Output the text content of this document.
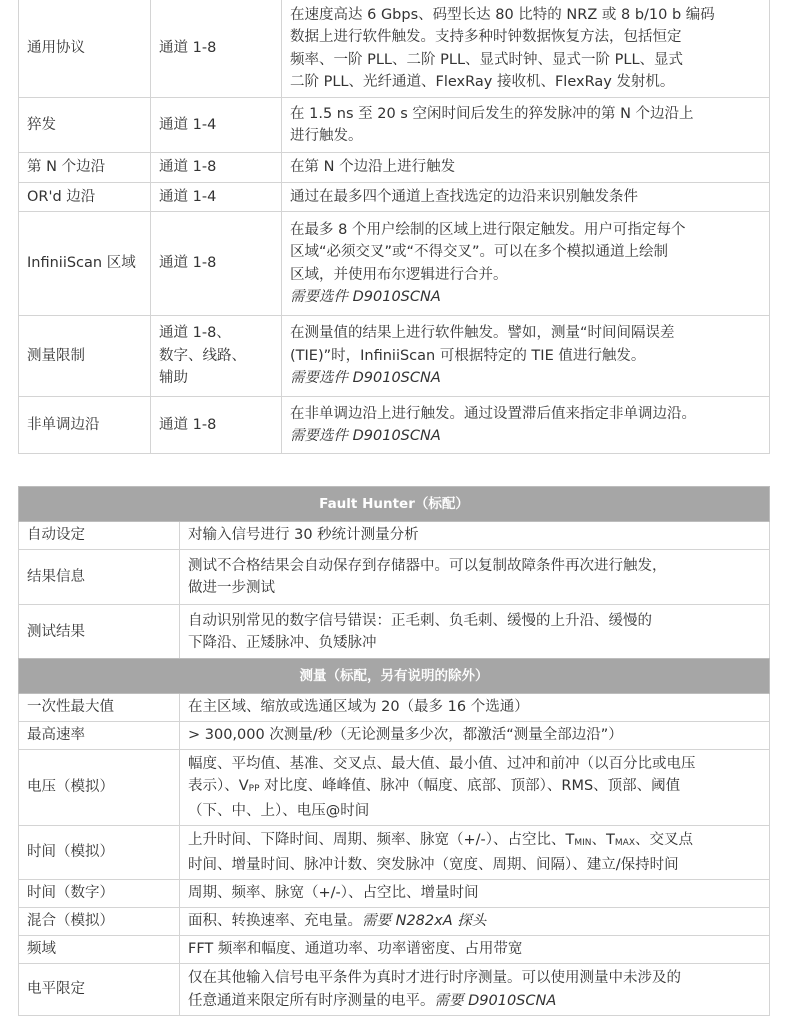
通用协议	通道 1-8	在速度高达 6 Gbps、码型长达 80 比特的 NRZ 或 8 b/10 b 编码
数据上进行软件触发。支持多种时钟数据恢复方法，包括恒定
频率、一阶 PLL、二阶 PLL、显式时钟、显式一阶 PLL、显式
二阶 PLL、光纤通道、FlexRay 接收机、FlexRay 发射机。

猝发	通道 1-4	在 1.5 ns 至 20 s 空闲时间后发生的猝发脉冲的第 N 个边沿上
进行触发。

第 N 个边沿	通道 1-8	在第 N 个边沿上进行触发

OR'd 边沿	通道 1-4	通过在最多四个通道上查找选定的边沿来识别触发条件

InfiniiScan 区域	通道 1-8	在最多 8 个用户绘制的区域上进行限定触发。用户可指定每个
区域“必须交叉”或“不得交叉”。可以在多个模拟通道上绘制
区域，并使用布尔逻辑进行合并。
需要选件 D9010SCNA

测量限制	通道 1-8、
数字、线路、
辅助	在测量值的结果上进行软件触发。譬如，测量“时间间隔误差
(TIE)”时，InfiniiScan 可根据特定的 TIE 值进行触发。
需要选件 D9010SCNA

非单调边沿	通道 1-8	在非单调边沿上进行触发。通过设置滞后值来指定非单调边沿。
需要选件 D9010SCNA
Fault Hunter（标配）	
自动设定	对输入信号进行 30 秒统计测量分析

结果信息	测试不合格结果会自动保存到存储器中。可以复制故障条件再次进行触发，
做进一步测试

测试结果	自动识别常见的数字信号错误：正毛刺、负毛刺、缓慢的上升沿、缓慢的
下降沿、正矮脉冲、负矮脉冲
测量（标配，另有说明的除外）	
一次性最大值	在主区域、缩放或选通区域为 20（最多 16 个选通）

最高速率	> 300,000 次测量/秒（无论测量多少次，都激活“测量全部边沿”）

电压（模拟）	幅度、平均值、基准、交叉点、最大值、最小值、过冲和前冲（以百分比或电压
表示）、$V_{PP}$ 对比度、峰峰值、脉冲（幅度、底部、顶部）、RMS、顶部、阈值
（下、中、上）、电压@时间

时间（模拟）	上升时间、下降时间、周期、频率、脉宽（+/-）、占空比、$T_{MIN}$、$T_{MAX}$、交叉点
时间、增量时间、脉冲计数、突发脉冲（宽度、周期、间隔）、建立/保持时间

时间（数字）	周期、频率、脉宽（+/-）、占空比、增量时间

混合（模拟）	面积、转换速率、充电量。需要 N282xA 探头
频域	FFT 频率和幅度、通道功率、功率谱密度、占用带宽

电平限定	仅在其他输入信号电平条件为真时才进行时序测量。可以使用测量中未涉及的
任意通道来限定所有时序测量的电平。需要 D9010SCNA
